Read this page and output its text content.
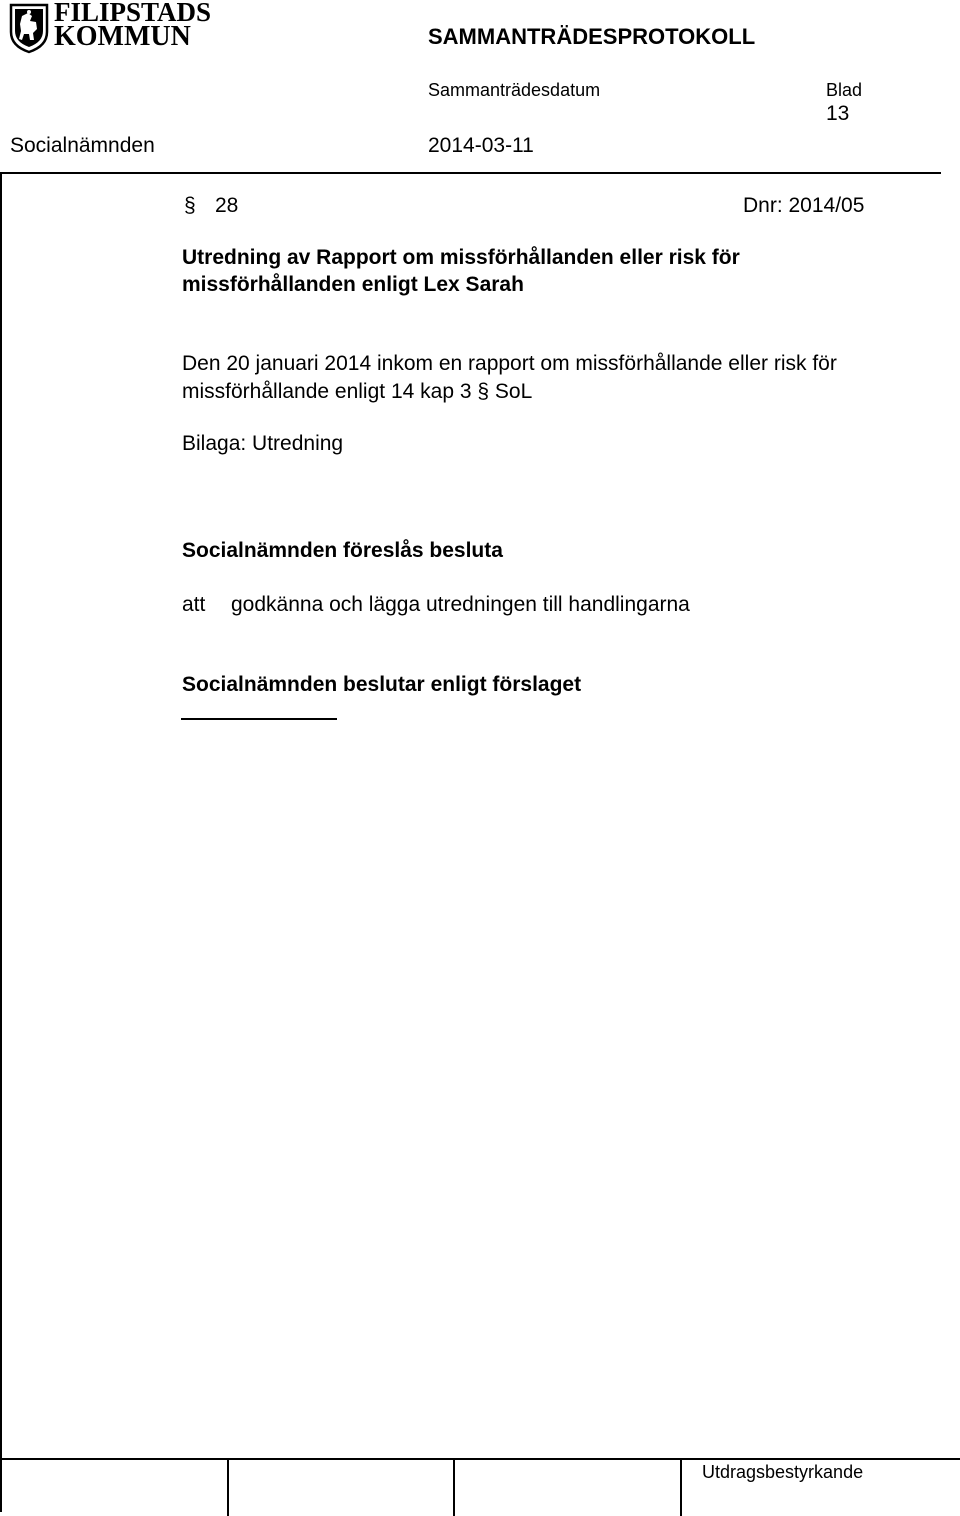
FILIPSTADS
KOMMUN	SAMMANTRÄDESPROTOKOLL
Sammanträdesdatum	Blad
13
Socialnämnden	2014-03-11
§ 28	Dnr: 2014/05
Utredning av Rapport om missförhållanden eller risk för
missförhållanden enligt Lex Sarah
Den 20 januari 2014 inkom en rapport om missförhållande eller risk för
missförhållande enligt 14 kap 3 § SoL
Bilaga: Utredning
Socialnämnden föreslås besluta
att godkänna och lägga utredningen till handlingarna
Socialnämnden beslutar enligt förslaget
Utdragsbestyrkande
